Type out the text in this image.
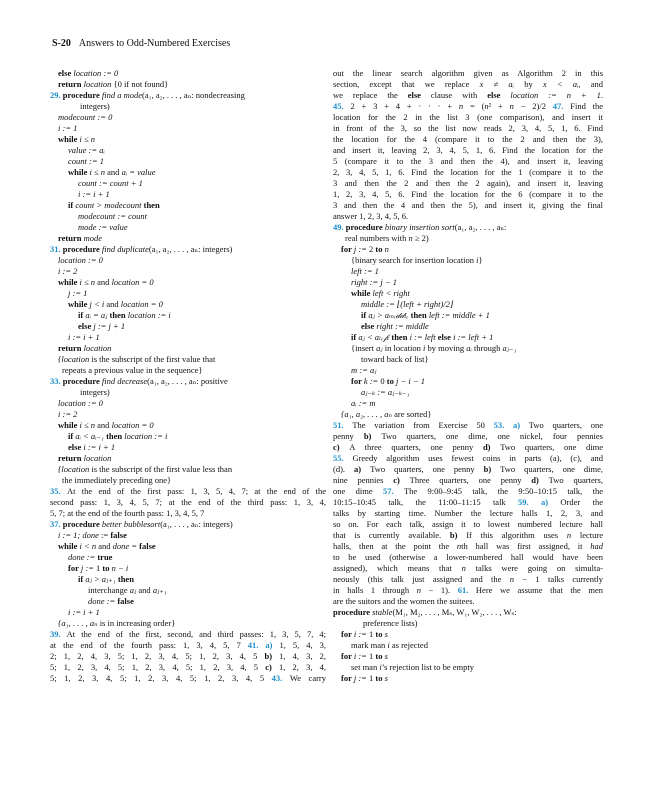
S-20 Answers to Odd-Numbered Exercises
else location := 0
return location {0 if not found}
29. procedure find a mode(a₁, a₂, . . . , aₙ: nondecreasing
integers)
modecount := 0
i := 1
while i ≤ n
value := aᵢ
count := 1
while i ≤ n and aᵢ = value
count := count + 1
i := i + 1
if count > modecount then
modecount := count
mode := value
return mode
31. procedure find duplicate(a₁, a₂, . . . , aₙ: integers)
location := 0
i := 2
while i ≤ n and location = 0
j := 1
while j < i and location = 0
if aᵢ = aⱼ then location := i
else j := j + 1
i := i + 1
return location
{location is the subscript of the first value that
repeats a previous value in the sequence}
33. procedure find decrease(a₁, a₂, . . . , aₙ: positive
integers)
location := 0
i := 2
while i ≤ n and location = 0
if aᵢ < aᵢ₋₁ then location := i
else i := i + 1
return location
{location is the subscript of the first value less than
the immediately preceding one}
35. At the end of the first pass: 1, 3, 5, 4, 7; at the end of the
second pass: 1, 3, 4, 5, 7; at the end of the third pass: 1, 3, 4,
5, 7; at the end of the fourth pass: 1, 3, 4, 5, 7
37. procedure better bubblesort(a₁, . . . , aₙ: integers)
i := 1; done := false
while i < n and done = false
done := true
for j := 1 to n − i
if aⱼ > aⱼ₊₁ then
interchange aⱼ and aⱼ₊₁
done := false
i := i + 1
{a₁, . . . , aₙ is in increasing order}
39. At the end of the first, second, and third passes: 1, 3, 5, 7, 4;
at the end of the fourth pass: 1, 3, 4, 5, 7 41. a) 1, 5, 4, 3,
2; 1, 2, 4, 3, 5; 1, 2, 3, 4, 5; 1, 2, 3, 4, 5 b) 1, 4, 3, 2,
5; 1, 2, 3, 4, 5; 1, 2, 3, 4, 5; 1, 2, 3, 4, 5 c) 1, 2, 3, 4,
5; 1, 2, 3, 4, 5; 1, 2, 3, 4, 5; 1, 2, 3, 4, 5 43. We carry
out the linear search algorithm given as Algorithm 2 in this
section, except that we replace x ≠ aᵢ by x < aᵢ, and
we replace the else clause with else location := n + 1.
45. 2 + 3 + 4 + · · · + n = (n² + n − 2)/2 47. Find the
location for the 2 in the list 3 (one comparison), and insert it
in front of the 3, so the list now reads 2, 3, 4, 5, 1, 6. Find
the location for the 4 (compare it to the 2 and then the 3),
and insert it, leaving 2, 3, 4, 5, 1, 6. Find the location for the
5 (compare it to the 3 and then the 4), and insert it, leaving
2, 3, 4, 5, 1, 6. Find the location for the 1 (compare it to the
3 and then the 2 and then the 2 again), and insert it, leaving
1, 2, 3, 4, 5, 6. Find the location for the 6 (compare it to the
3 and then the 4 and then the 5), and insert it, giving the final
answer 1, 2, 3, 4, 5, 6.
49. procedure binary insertion sort(a₁, a₂, . . . , aₙ:
real numbers with n ≥ 2)
for j := 2 to n
{binary search for insertion location i}
left := 1
right := j − 1
while left < right
middle := ⌊(left + right)/2⌋
if aⱼ > aₘᵢ𝒹𝒹ₗₑ then left := middle + 1
else right := middle
if aⱼ < aₗₑ𝒻ₜ then i := left else i := left + 1
{insert aⱼ in location i by moving aᵢ through aⱼ₋₁
toward back of list}
m := aⱼ
for k := 0 to j − i − 1
aⱼ₋ₖ := aⱼ₋ₖ₋₁
aᵢ := m
{a₁, a₂, . . . , aₙ are sorted}
51. The variation from Exercise 50 53. a) Two quarters, one
penny b) Two quarters, one dime, one nickel, four pennies
c) A three quarters, one penny d) Two quarters, one dime
55. Greedy algorithm uses fewest coins in parts (a), (c), and
(d). a) Two quarters, one penny b) Two quarters, one dime,
nine pennies c) Three quarters, one penny d) Two quarters,
one dime 57. The 9:00–9:45 talk, the 9:50–10:15 talk, the
10:15–10:45 talk, the 11:00–11:15 talk 59. a) Order the
talks by starting time. Number the lecture halls 1, 2, 3, and
so on. For each talk, assign it to lowest numbered lecture hall
that is currently available. b) If this algorithm uses n lecture
halls, then at the point the nth hall was first assigned, it had
to be used (otherwise a lower-numbered hall would have been
assigned), which means that n talks were going on simulta-
neously (this talk just assigned and the n − 1 talks currently
in halls 1 through n − 1). 61. Here we assume that the men
are the suitors and the women the suitees.
procedure stable(M₁, M₂, . . . , Mₛ, W₁, W₂, . . . , Wₛ:
preference lists)
for i := 1 to s
mark man i as rejected
for i := 1 to s
set man i’s rejection list to be empty
for j := 1 to s
